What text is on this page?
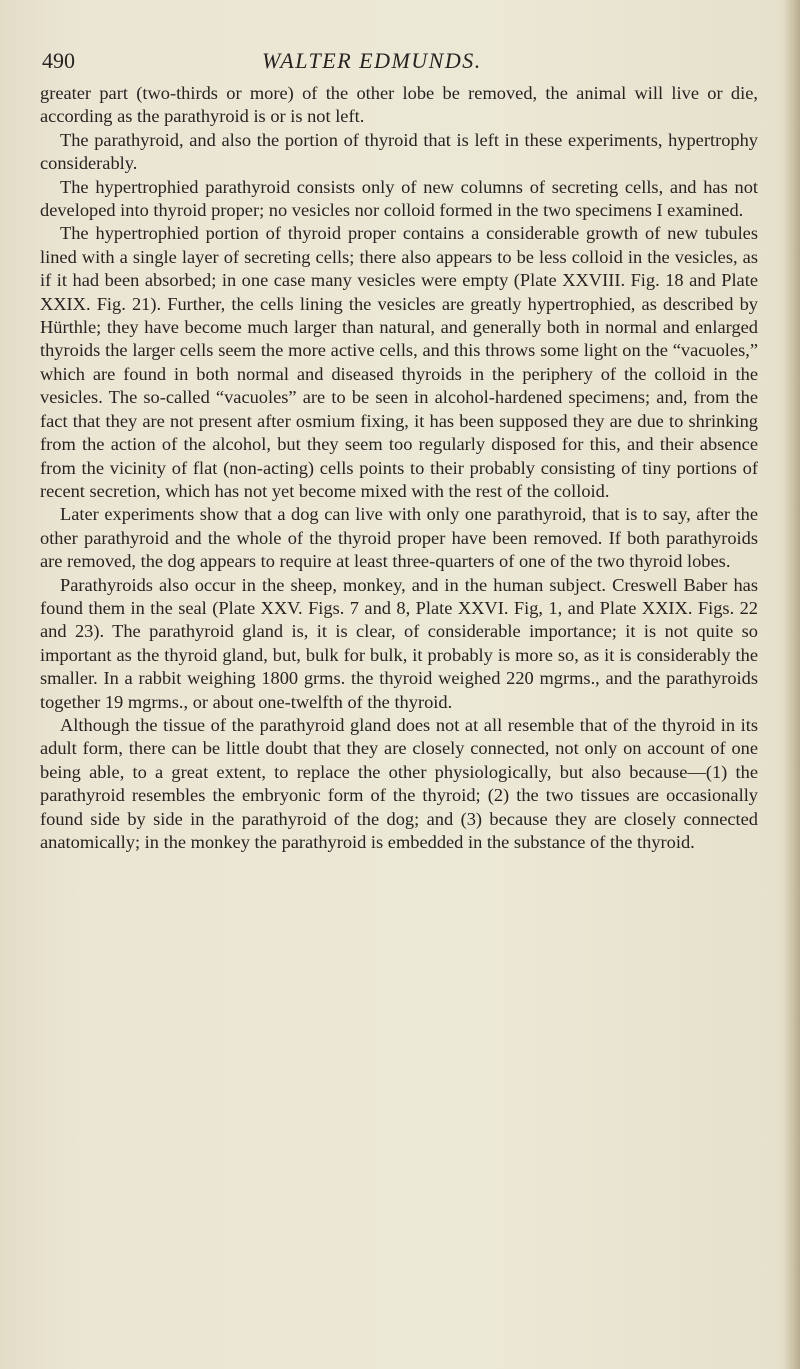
490	WALTER EDMUNDS.

greater part (two-thirds or more) of the other lobe be removed, the animal will live or die, according as the parathyroid is or is not left.

The parathyroid, and also the portion of thyroid that is left in these experiments, hypertrophy considerably.

The hypertrophied parathyroid consists only of new columns of secreting cells, and has not developed into thyroid proper; no vesicles nor colloid formed in the two specimens I examined.

The hypertrophied portion of thyroid proper contains a considerable growth of new tubules lined with a single layer of secreting cells; there also appears to be less colloid in the vesicles, as if it had been absorbed; in one case many vesicles were empty (Plate XXVIII. Fig. 18 and Plate XXIX. Fig. 21). Further, the cells lining the vesicles are greatly hypertrophied, as described by Hürthle; they have become much larger than natural, and generally both in normal and enlarged thyroids the larger cells seem the more active cells, and this throws some light on the “vacuoles,” which are found in both normal and diseased thyroids in the periphery of the colloid in the vesicles. The so-called “vacuoles” are to be seen in alcohol-hardened specimens; and, from the fact that they are not present after osmium fixing, it has been supposed they are due to shrinking from the action of the alcohol, but they seem too regularly disposed for this, and their absence from the vicinity of flat (non-acting) cells points to their probably consisting of tiny portions of recent secretion, which has not yet become mixed with the rest of the colloid.

Later experiments show that a dog can live with only one parathyroid, that is to say, after the other parathyroid and the whole of the thyroid proper have been removed. If both parathyroids are removed, the dog appears to require at least three-quarters of one of the two thyroid lobes.

Parathyroids also occur in the sheep, monkey, and in the human subject. Creswell Baber has found them in the seal (Plate XXV. Figs. 7 and 8, Plate XXVI. Fig, 1, and Plate XXIX. Figs. 22 and 23). The parathyroid gland is, it is clear, of considerable importance; it is not quite so important as the thyroid gland, but, bulk for bulk, it probably is more so, as it is considerably the smaller. In a rabbit weighing 1800 grms. the thyroid weighed 220 mgrms., and the parathyroids together 19 mgrms., or about one-twelfth of the thyroid.

Although the tissue of the parathyroid gland does not at all resemble that of the thyroid in its adult form, there can be little doubt that they are closely connected, not only on account of one being able, to a great extent, to replace the other physiologically, but also because—(1) the parathyroid resembles the embryonic form of the thyroid; (2) the two tissues are occasionally found side by side in the parathyroid of the dog; and (3) because they are closely connected anatomically; in the monkey the parathyroid is embedded in the substance of the thyroid.
